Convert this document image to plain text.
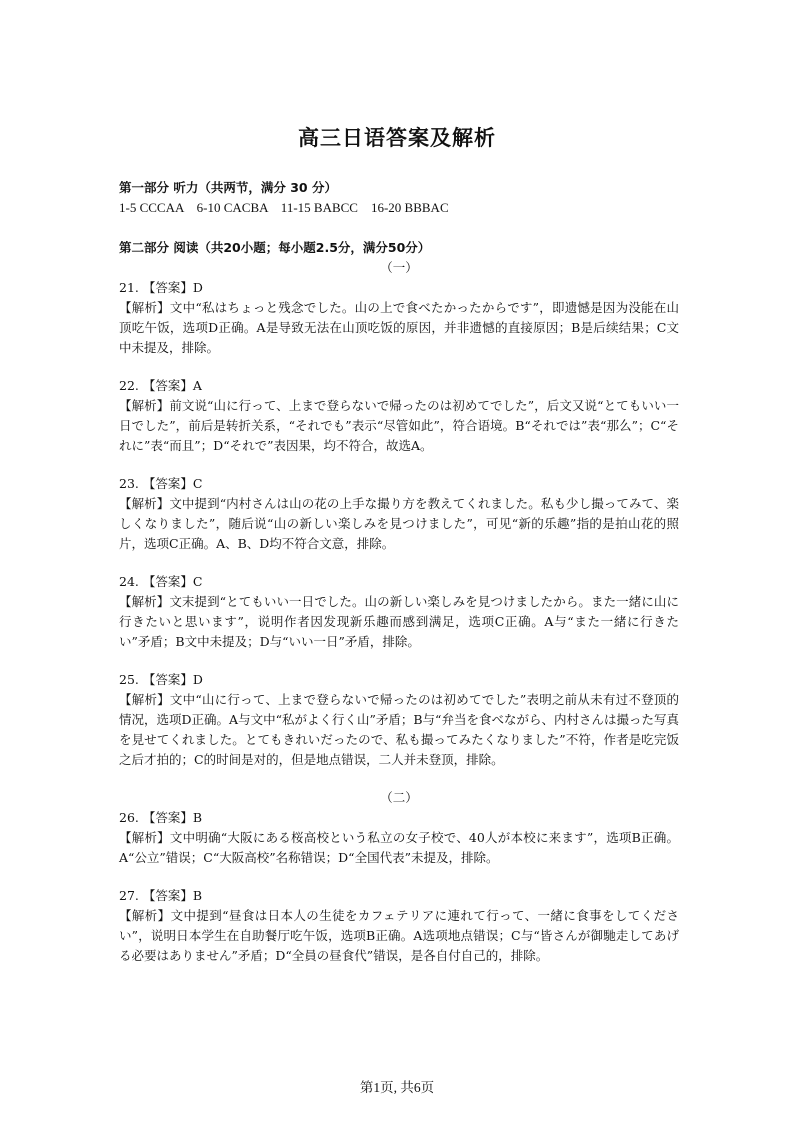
高三日语答案及解析
第一部分 听力（共两节，满分 30 分）
1-5 CCCAA    6-10 CACBA    11-15 BABCC    16-20 BBBAC
第二部分 阅读（共20小题；每小题2.5分，满分50分）
（一）
21. 【答案】D
【解析】文中“私はちょっと残念でした。山の上で食べたかったからです”，即遗憾是因为没能在山顶吃午饭，选项D正确。A是导致无法在山顶吃饭的原因，并非遗憾的直接原因；B是后续结果；C文中未提及，排除。
22. 【答案】A
【解析】前文说“山に行って、上まで登らないで帰ったのは初めてでした”，后文又说“とてもいい一日でした”，前后是转折关系，“それでも”表示“尽管如此”，符合语境。B“それでは”表“那么”；C“それに”表“而且”；D“それで”表因果，均不符合，故选A。
23. 【答案】C
【解析】文中提到“内村さんは山の花の上手な撮り方を教えてくれました。私も少し撮ってみて、楽しくなりました”，随后说“山の新しい楽しみを見つけました”，可见“新的乐趣”指的是拍山花的照片，选项C正确。A、B、D均不符合文意，排除。
24. 【答案】C
【解析】文末提到“とてもいい一日でした。山の新しい楽しみを見つけましたから。また一緒に山に行きたいと思います”，说明作者因发现新乐趣而感到满足，选项C正确。A与“また一緒に行きたい”矛盾；B文中未提及；D与“いい一日”矛盾，排除。
25. 【答案】D
【解析】文中“山に行って、上まで登らないで帰ったのは初めてでした”表明之前从未有过不登顶的情况，选项D正确。A与文中“私がよく行く山”矛盾；B与“弁当を食べながら、内村さんは撮った写真を見せてくれました。とてもきれいだったので、私も撮ってみたくなりました”不符，作者是吃完饭之后才拍的；C的时间是对的，但是地点错误，二人并未登顶，排除。
（二）
26. 【答案】B
【解析】文中明确“大阪にある桜高校という私立の女子校で、40人が本校に来ます”，选项B正确。A“公立”错误；C“大阪高校”名称错误；D“全国代表”未提及，排除。
27. 【答案】B
【解析】文中提到“昼食は日本人の生徒をカフェテリアに連れて行って、一緒に食事をしてください”，说明日本学生在自助餐厅吃午饭，选项B正确。A选项地点错误；C与“皆さんが御馳走してあげる必要はありません”矛盾；D“全員の昼食代”错误，是各自付自己的，排除。
第1页, 共6页
